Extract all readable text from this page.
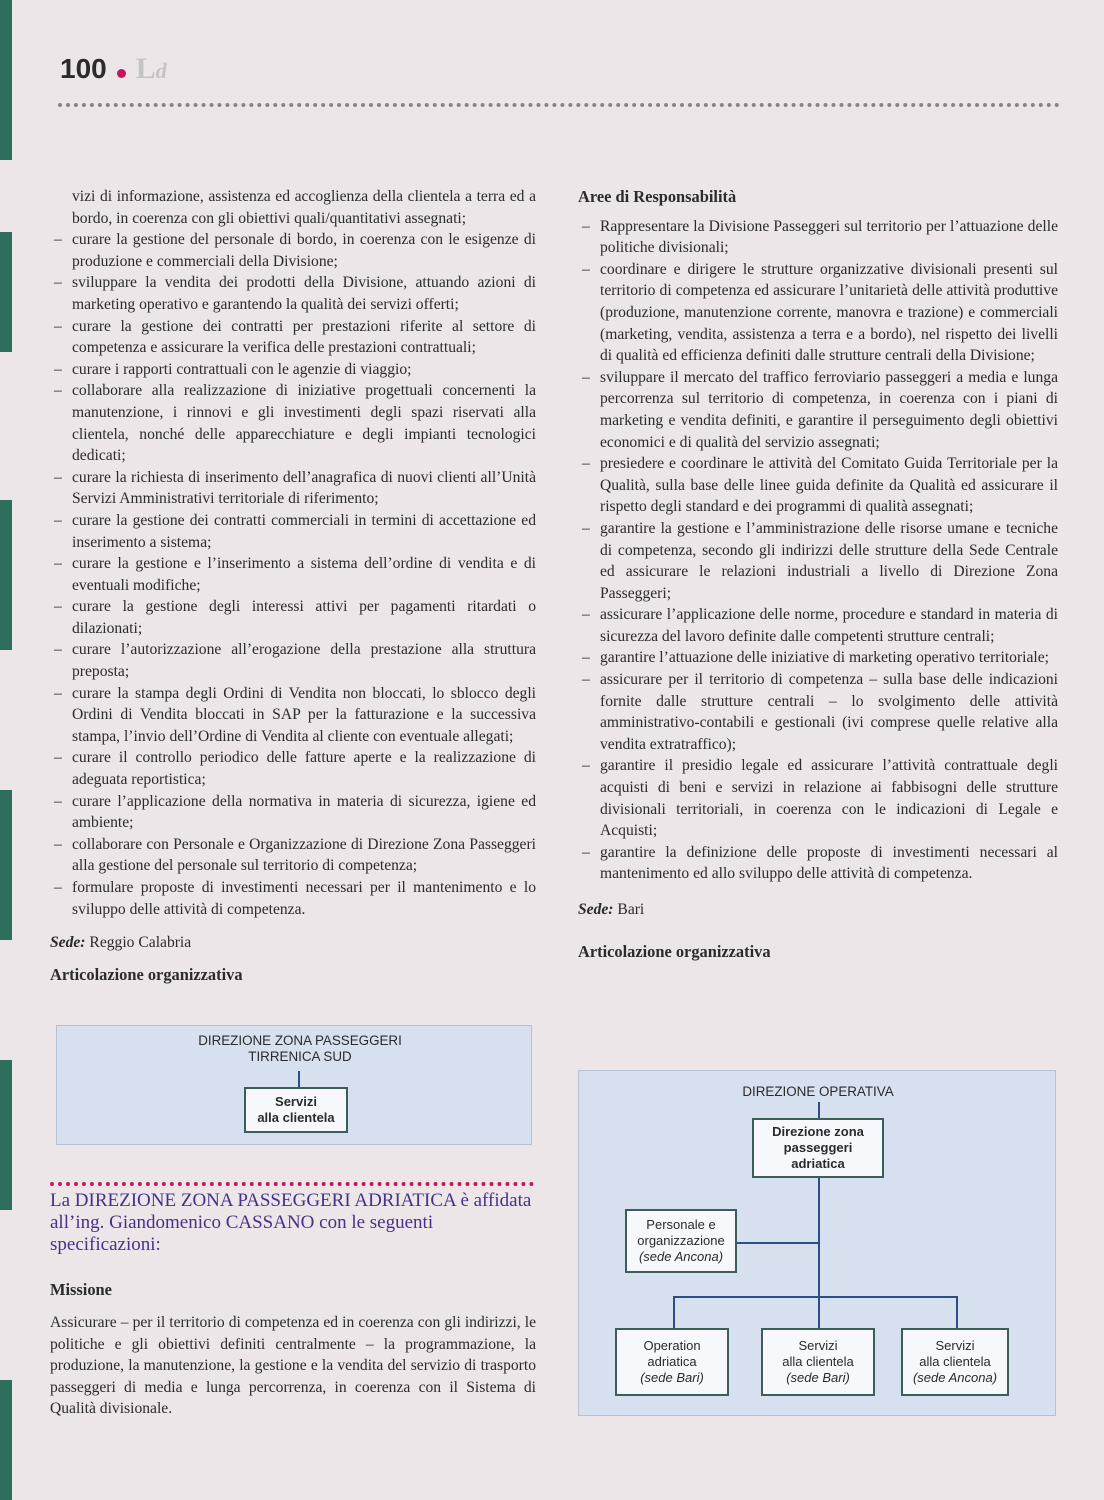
100 Ld
vizi di informazione, assistenza ed accoglienza della clientela a terra ed a bordo, in coerenza con gli obiettivi quali/quantitativi assegnati;
– curare la gestione del personale di bordo, in coerenza con le esigenze di produzione e commerciali della Divisione;
– sviluppare la vendita dei prodotti della Divisione, attuando azioni di marketing operativo e garantendo la qualità dei servizi offerti;
– curare la gestione dei contratti per prestazioni riferite al settore di competenza e assicurare la verifica delle prestazioni contrattuali;
– curare i rapporti contrattuali con le agenzie di viaggio;
– collaborare alla realizzazione di iniziative progettuali concernenti la manutenzione, i rinnovi e gli investimenti degli spazi riservati alla clientela, nonché delle apparecchiature e degli impianti tecnologici dedicati;
– curare la richiesta di inserimento dell’anagrafica di nuovi clienti all’Unità Servizi Amministrativi territoriale di riferimento;
– curare la gestione dei contratti commerciali in termini di accettazione ed inserimento a sistema;
– curare la gestione e l’inserimento a sistema dell’ordine di vendita e di eventuali modifiche;
– curare la gestione degli interessi attivi per pagamenti ritardati o dilazionati;
– curare l’autorizzazione all’erogazione della prestazione alla struttura preposta;
– curare la stampa degli Ordini di Vendita non bloccati, lo sblocco degli Ordini di Vendita bloccati in SAP per la fatturazione e la successiva stampa, l’invio dell’Ordine di Vendita al cliente con eventuale allegati;
– curare il controllo periodico delle fatture aperte e la realizzazione di adeguata reportistica;
– curare l’applicazione della normativa in materia di sicurezza, igiene ed ambiente;
– collaborare con Personale e Organizzazione di Direzione Zona Passeggeri alla gestione del personale sul territorio di competenza;
– formulare proposte di investimenti necessari per il mantenimento e lo sviluppo delle attività di competenza.
Sede: Reggio Calabria
Articolazione organizzativa
DIREZIONE ZONA PASSEGGERI
TIRRENICA SUD
Servizi
alla clientela
La DIREZIONE ZONA PASSEGGERI ADRIATICA è affidata all’ing. Giandomenico CASSANO con le seguenti specificazioni:
Missione
Assicurare – per il territorio di competenza ed in coerenza con gli indirizzi, le politiche e gli obiettivi definiti centralmente – la programmazione, la produzione, la manutenzione, la gestione e la vendita del servizio di trasporto passeggeri di media e lunga percorrenza, in coerenza con il Sistema di Qualità divisionale.
Aree di Responsabilità
– Rappresentare la Divisione Passeggeri sul territorio per l’attuazione delle politiche divisionali;
– coordinare e dirigere le strutture organizzative divisionali presenti sul territorio di competenza ed assicurare l’unitarietà delle attività produttive (produzione, manutenzione corrente, manovra e trazione) e commerciali (marketing, vendita, assistenza a terra e a bordo), nel rispetto dei livelli di qualità ed efficienza definiti dalle strutture centrali della Divisione;
– sviluppare il mercato del traffico ferroviario passeggeri a media e lunga percorrenza sul territorio di competenza, in coerenza con i piani di marketing e vendita definiti, e garantire il perseguimento degli obiettivi economici e di qualità del servizio assegnati;
– presiedere e coordinare le attività del Comitato Guida Territoriale per la Qualità, sulla base delle linee guida definite da Qualità ed assicurare il rispetto degli standard e dei programmi di qualità assegnati;
– garantire la gestione e l’amministrazione delle risorse umane e tecniche di competenza, secondo gli indirizzi delle strutture della Sede Centrale ed assicurare le relazioni industriali a livello di Direzione Zona Passeggeri;
– assicurare l’applicazione delle norme, procedure e standard in materia di sicurezza del lavoro definite dalle competenti strutture centrali;
– garantire l’attuazione delle iniziative di marketing operativo territoriale;
– assicurare per il territorio di competenza – sulla base delle indicazioni fornite dalle strutture centrali – lo svolgimento delle attività amministrativo-contabili e gestionali (ivi comprese quelle relative alla vendita extratraffico);
– garantire il presidio legale ed assicurare l’attività contrattuale degli acquisti di beni e servizi in relazione ai fabbisogni delle strutture divisionali territoriali, in coerenza con le indicazioni di Legale e Acquisti;
– garantire la definizione delle proposte di investimenti necessari al mantenimento ed allo sviluppo delle attività di competenza.
Sede: Bari
Articolazione organizzativa
DIREZIONE OPERATIVA
Direzione zona
passeggeri
adriatica
Personale e
organizzazione
(sede Ancona)
Operation
adriatica
(sede Bari)
Servizi
alla clientela
(sede Bari)
Servizi
alla clientela
(sede Ancona)
